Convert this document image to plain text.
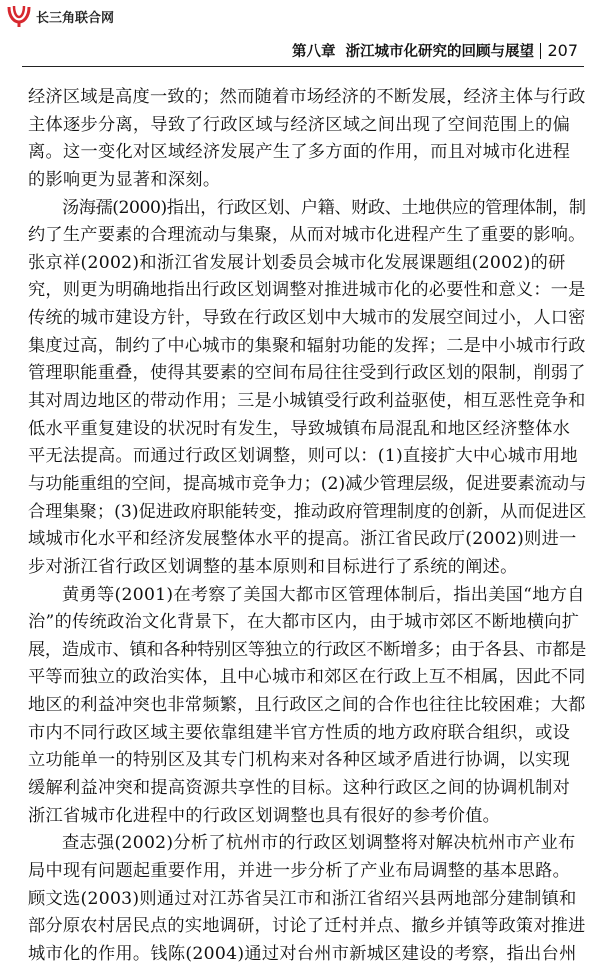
长三角联合网
第八章 浙江城市化研究的回顾与展望 207
经济区域是高度一致的；然而随着市场经济的不断发展，经济主体与行政
主体逐步分离，导致了行政区域与经济区域之间出现了空间范围上的偏
离。这一变化对区域经济发展产生了多方面的作用，而且对城市化进程
的影响更为显著和深刻。
汤海孺(2000)指出，行政区划、户籍、财政、土地供应的管理体制，制
约了生产要素的合理流动与集聚，从而对城市化进程产生了重要的影响。
张京祥(2002)和浙江省发展计划委员会城市化发展课题组(2002)的研
究，则更为明确地指出行政区划调整对推进城市化的必要性和意义：一是
传统的城市建设方针，导致在行政区划中大城市的发展空间过小，人口密
集度过高，制约了中心城市的集聚和辐射功能的发挥；二是中小城市行政
管理职能重叠，使得其要素的空间布局往往受到行政区划的限制，削弱了
其对周边地区的带动作用；三是小城镇受行政利益驱使，相互恶性竞争和
低水平重复建设的状况时有发生，导致城镇布局混乱和地区经济整体水
平无法提高。而通过行政区划调整，则可以：(1)直接扩大中心城市用地
与功能重组的空间，提高城市竞争力；(2)减少管理层级，促进要素流动与
合理集聚；(3)促进政府职能转变，推动政府管理制度的创新，从而促进区
域城市化水平和经济发展整体水平的提高。浙江省民政厅(2002)则进一
步对浙江省行政区划调整的基本原则和目标进行了系统的阐述。
黄勇等(2001)在考察了美国大都市区管理体制后，指出美国“地方自
治”的传统政治文化背景下，在大都市区内，由于城市郊区不断地横向扩
展，造成市、镇和各种特别区等独立的行政区不断增多；由于各县、市都是
平等而独立的政治实体，且中心城市和郊区在行政上互不相属，因此不同
地区的利益冲突也非常频繁，且行政区之间的合作也往往比较困难；大都
市内不同行政区域主要依靠组建半官方性质的地方政府联合组织，或设
立功能单一的特别区及其专门机构来对各种区域矛盾进行协调，以实现
缓解利益冲突和提高资源共享性的目标。这种行政区之间的协调机制对
浙江省城市化进程中的行政区划调整也具有很好的参考价值。
查志强(2002)分析了杭州市的行政区划调整将对解决杭州市产业布
局中现有问题起重要作用，并进一步分析了产业布局调整的基本思路。
顾文选(2003)则通过对江苏省吴江市和浙江省绍兴县两地部分建制镇和
部分原农村居民点的实地调研，讨论了迁村并点、撤乡并镇等政策对推进
城市化的作用。钱陈(2004)通过对台州市新城区建设的考察，指出台州
